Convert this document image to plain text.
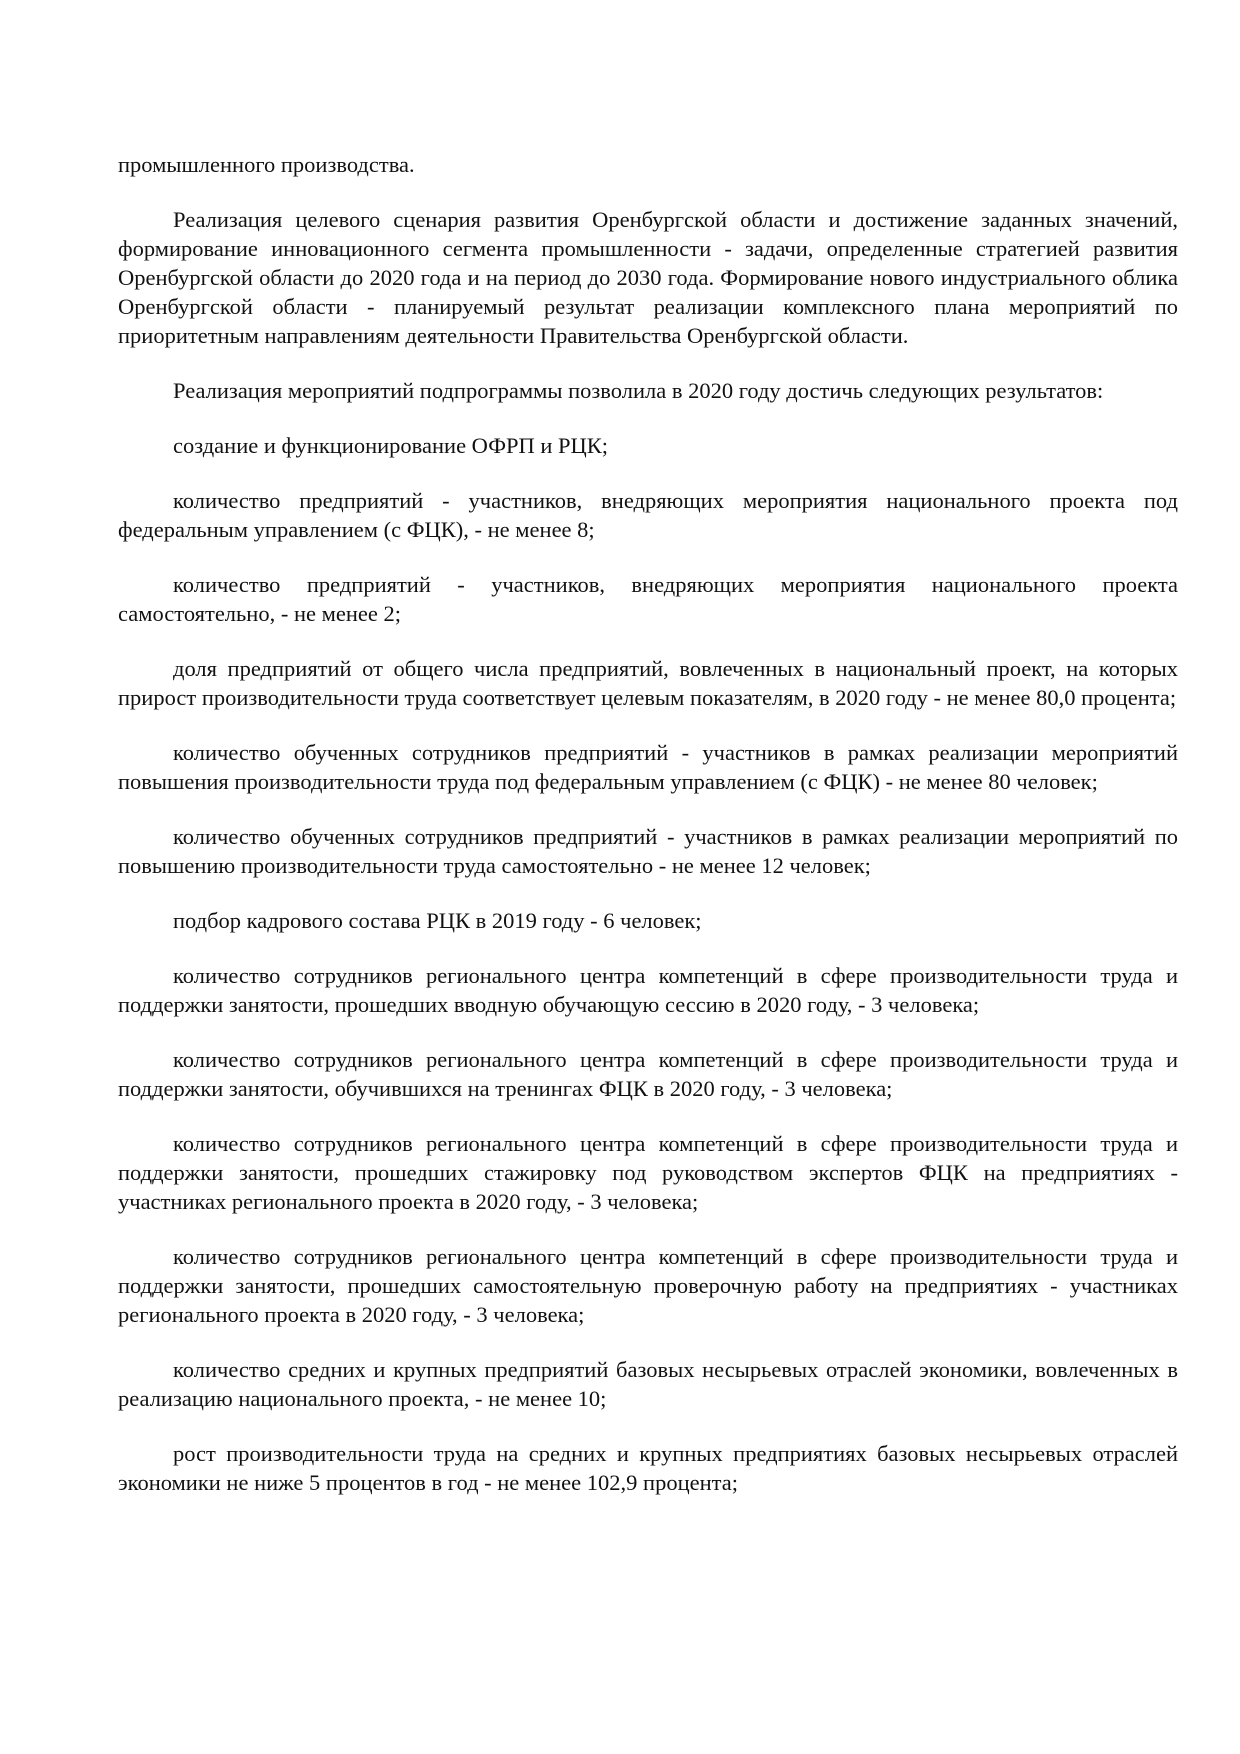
промышленного производства.

Реализация целевого сценария развития Оренбургской области и достижение заданных значений, формирование инновационного сегмента промышленности - задачи, определенные стратегией развития Оренбургской области до 2020 года и на период до 2030 года. Формирование нового индустриального облика Оренбургской области - планируемый результат реализации комплексного плана мероприятий по приоритетным направлениям деятельности Правительства Оренбургской области.

Реализация мероприятий подпрограммы позволила в 2020 году достичь следующих результатов:

создание и функционирование ОФРП и РЦК;

количество предприятий - участников, внедряющих мероприятия национального проекта под федеральным управлением (с ФЦК), - не менее 8;

количество предприятий - участников, внедряющих мероприятия национального проекта самостоятельно, - не менее 2;

доля предприятий от общего числа предприятий, вовлеченных в национальный проект, на которых прирост производительности труда соответствует целевым показателям, в 2020 году - не менее 80,0 процента;

количество обученных сотрудников предприятий - участников в рамках реализации мероприятий повышения производительности труда под федеральным управлением (с ФЦК) - не менее 80 человек;

количество обученных сотрудников предприятий - участников в рамках реализации мероприятий по повышению производительности труда самостоятельно - не менее 12 человек;

подбор кадрового состава РЦК в 2019 году - 6 человек;

количество сотрудников регионального центра компетенций в сфере производительности труда и поддержки занятости, прошедших вводную обучающую сессию в 2020 году, - 3 человека;

количество сотрудников регионального центра компетенций в сфере производительности труда и поддержки занятости, обучившихся на тренингах ФЦК в 2020 году, - 3 человека;

количество сотрудников регионального центра компетенций в сфере производительности труда и поддержки занятости, прошедших стажировку под руководством экспертов ФЦК на предприятиях - участниках регионального проекта в 2020 году, - 3 человека;

количество сотрудников регионального центра компетенций в сфере производительности труда и поддержки занятости, прошедших самостоятельную проверочную работу на предприятиях - участниках регионального проекта в 2020 году, - 3 человека;

количество средних и крупных предприятий базовых несырьевых отраслей экономики, вовлеченных в реализацию национального проекта, - не менее 10;

рост производительности труда на средних и крупных предприятиях базовых несырьевых отраслей экономики не ниже 5 процентов в год - не менее 102,9 процента;
